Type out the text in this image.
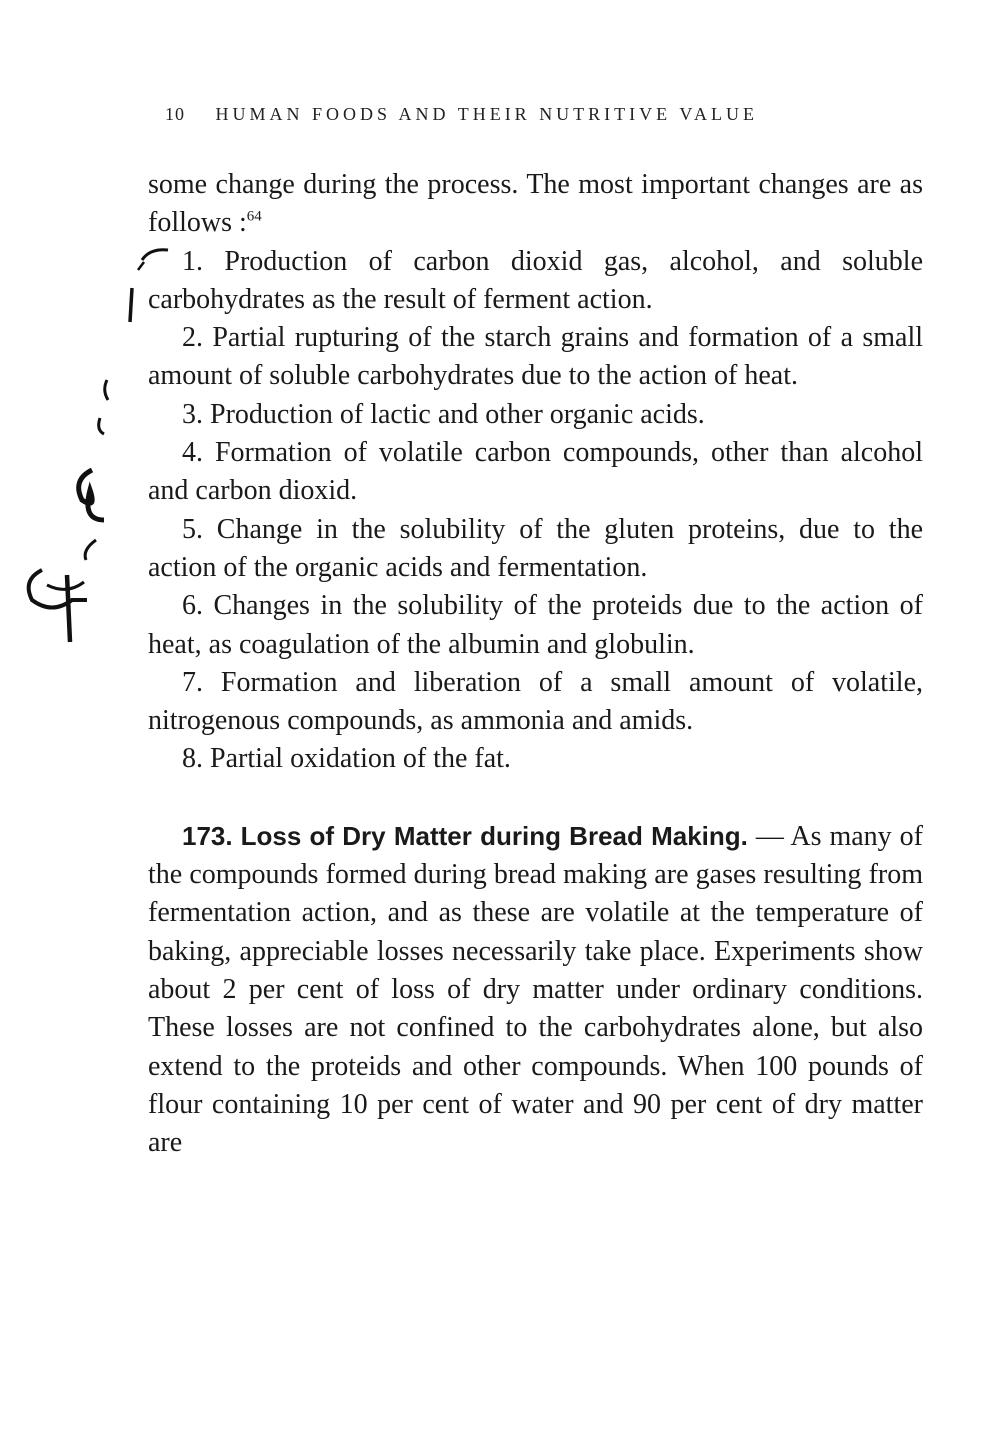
10 HUMAN FOODS AND THEIR NUTRITIVE VALUE

some change during the process. The most important changes are as follows :$^{64}$

1. Production of carbon dioxid gas, alcohol, and soluble carbohydrates as the result of ferment action.

2. Partial rupturing of the starch grains and formation of a small amount of soluble carbohydrates due to the action of heat.

3. Production of lactic and other organic acids.

4. Formation of volatile carbon compounds, other than alcohol and carbon dioxid.

5. Change in the solubility of the gluten proteins, due to the action of the organic acids and fermentation.

6. Changes in the solubility of the proteids due to the action of heat, as coagulation of the albumin and globulin.

7. Formation and liberation of a small amount of volatile, nitrogenous compounds, as ammonia and amids.

8. Partial oxidation of the fat.

173. Loss of Dry Matter during Bread Making. — As many of the compounds formed during bread making are gases resulting from fermentation action, and as these are volatile at the temperature of baking, appreciable losses necessarily take place. Experiments show about 2 per cent of loss of dry matter under ordinary conditions. These losses are not confined to the carbohydrates alone, but also extend to the proteids and other compounds. When 100 pounds of flour containing 10 per cent of water and 90 per cent of dry matter are
